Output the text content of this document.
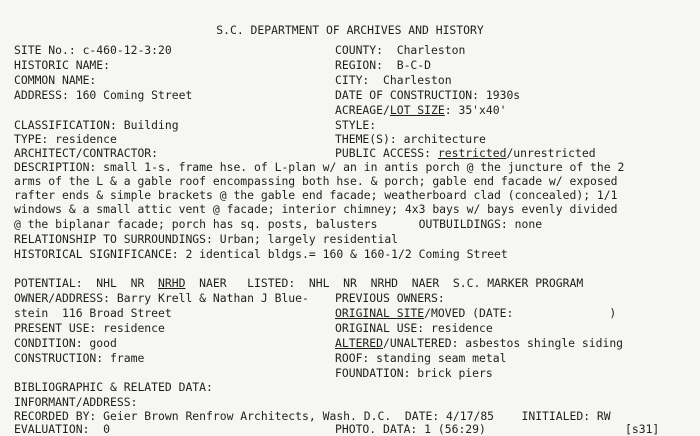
S.C. DEPARTMENT OF ARCHIVES AND HISTORY
SITE No.: c-460-12-3:20
HISTORIC NAME:
COMMON NAME:
ADDRESS: 160 Coming Street
CLASSIFICATION: Building
TYPE: residence
ARCHITECT/CONTRACTOR:
COUNTY:  Charleston
REGION:  B-C-D
CITY:  Charleston
DATE OF CONSTRUCTION: 1930s
ACREAGE/LOT SIZE: 35'x40'
STYLE:
THEME(S): architecture
PUBLIC ACCESS: restricted/unrestricted
DESCRIPTION: small 1-s. frame hse. of L-plan w/ an in antis porch @ the juncture of the 2
arms of the L & a gable roof encompassing both hse. & porch; gable end facade w/ exposed
rafter ends & simple brackets @ the gable end facade; weatherboard clad (concealed); 1/1
windows & a small attic vent @ facade; interior chimney; 4x3 bays w/ bays evenly divided
@ the biplanar facade; porch has sq. posts, balusters      OUTBUILDINGS: none
RELATIONSHIP TO SURROUNDINGS: Urban; largely residential
HISTORICAL SIGNIFICANCE: 2 identical bldgs.= 160 & 160-1/2 Coming Street
POTENTIAL:  NHL  NR  NRHD  NAER   LISTED:  NHL  NR  NRHD  NAER  S.C. MARKER PROGRAM
OWNER/ADDRESS: Barry Krell & Nathan J Blue-
stein  116 Broad Street
PRESENT USE: residence
CONDITION: good
CONSTRUCTION: frame
PREVIOUS OWNERS:
ORIGINAL SITE/MOVED (DATE:              )
ORIGINAL USE: residence
ALTERED/UNALTERED: asbestos shingle siding
ROOF: standing seam metal
FOUNDATION: brick piers
BIBLIOGRAPHIC & RELATED DATA:
INFORMANT/ADDRESS:
RECORDED BY: Geier Brown Renfrow Architects, Wash. D.C.  DATE: 4/17/85    INITIALED: RW
EVALUATION:  0	PHOTO. DATA: 1 (56:29)	[s31]
